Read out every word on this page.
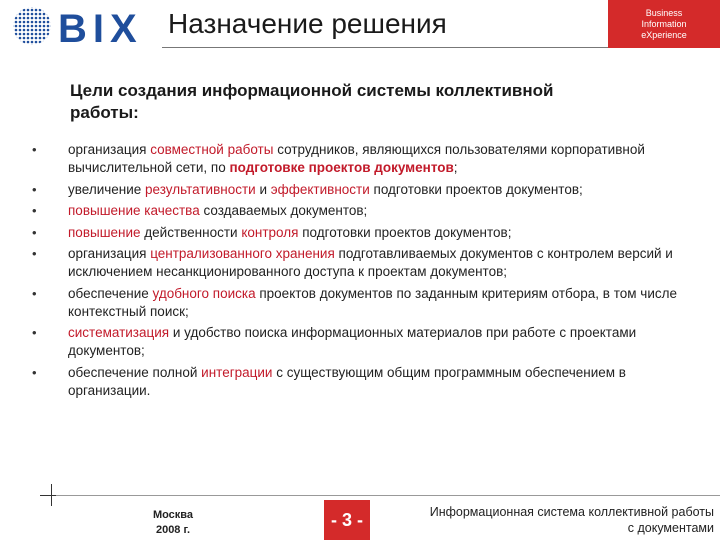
BIX Назначение решения	Business
Information
eXperience
Цели создания информационной системы коллективной
работы:
• организация совместной работы сотрудников, являющихся пользователями корпоративной вычислительной сети, по подготовке проектов документов;
• увеличение результативности и эффективности подготовки проектов документов;
• повышение качества создаваемых документов;
• повышение действенности контроля подготовки проектов документов;
• организация централизованного хранения подготавливаемых документов с контролем версий и исключением несанкционированного доступа к проектам документов;
• обеспечение удобного поиска проектов документов по заданным критериям отбора, в том числе контекстный поиск;
• систематизация и удобство поиска информационных материалов при работе с проектами документов;
• обеспечение полной интеграции с существующим общим программным обеспечением в организации.
Москва
2008 г.
- 3 -	Информационная система коллективной работы
с документами
